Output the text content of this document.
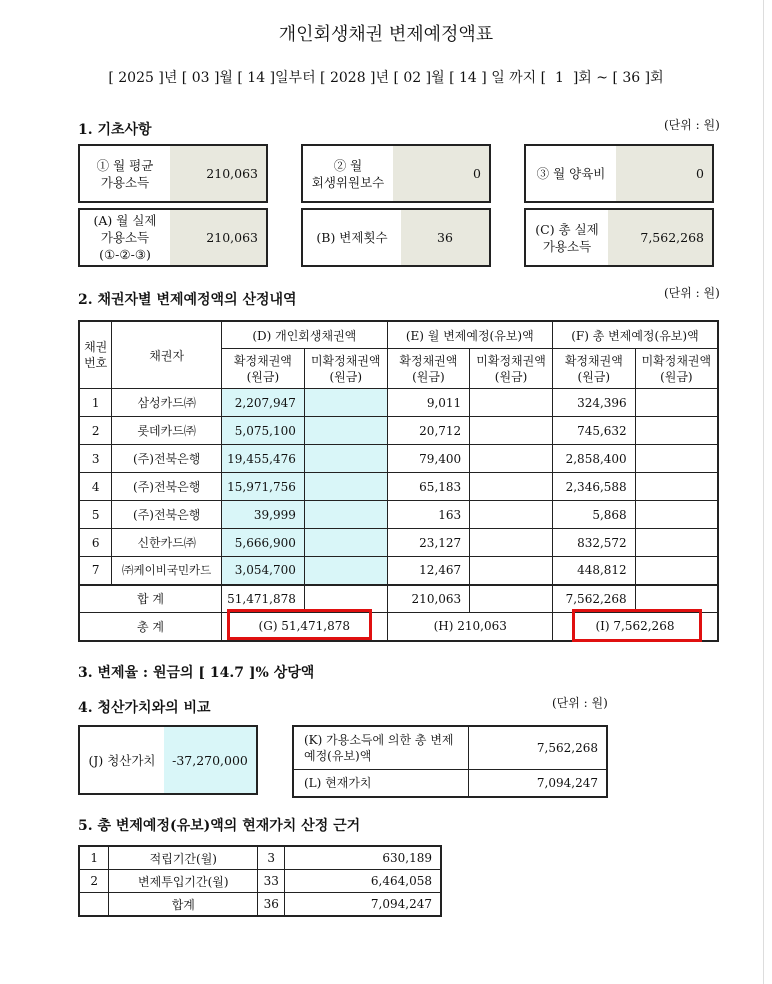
개인회생채권 변제예정액표
[ 2025 ]년 [ 03 ]월 [ 14 ]일부터 [ 2028 ]년 [ 02 ]월 [ 14 ] 일 까지 [  1  ]회 ~ [ 36 ]회
1. 기초사항	(단위 : 원)
① 월 평균
가용소득
210,063
② 월
회생위원보수
0	③ 월 양육비	0
(A) 월 실제
가용소득
(①-②-③)
210,063	(B) 변제횟수	36
(C) 총 실제
가용소득
7,562,268
2. 채권자별 변제예정액의 산정내역	(단위 : 원)
채권
번호	채권자	(D) 개인회생채권액		(E) 월 변제예정(유보)액		(F) 총 변제예정(유보)액	
		확정채권액
(원금)	미확정채권액
(원금)	확정채권액
(원금)	미확정채권액
(원금)	확정채권액
(원금)	미확정채권액
(원금)
1	삼성카드㈜	2,207,947		9,011		324,396	
2	롯데카드㈜	5,075,100		20,712		745,632	
3	(주)전북은행	19,455,476		79,400		2,858,400	
4	(주)전북은행	15,971,756		65,183		2,346,588	
5	(주)전북은행	39,999		163		5,868	
6	신한카드㈜	5,666,900		23,127		832,572	
7	㈜케이비국민카드	3,054,700		12,467		448,812	
합 계		51,471,878		210,063		7,562,268	
총 계		(G) 51,471,878		(H) 210,063		(I) 7,562,268	
3. 변제율 : 원금의 [ 14.7 ]% 상당액
4. 청산가치와의 비교	(단위 : 원)
(J) 청산가치	-37,270,000
(K) 가용소득에 의한 총 변제
예정(유보)액	7,562,268
(L) 현재가치	7,094,247
5. 총 변제예정(유보)액의 현재가치 산정 근거
1	적립기간(월)	3	630,189
2	변제투입기간(월)	33	6,464,058
	합계	36	7,094,247
